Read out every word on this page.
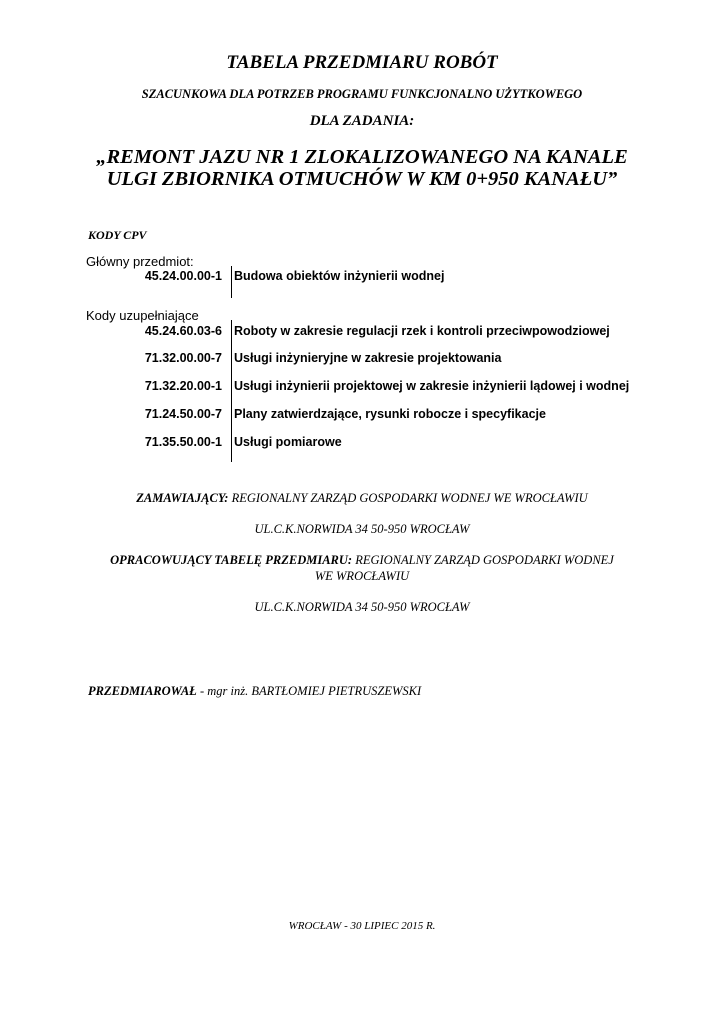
TABELA PRZEDMIARU ROBÓT
SZACUNKOWA DLA POTRZEB PROGRAMU FUNKCJONALNO UŻYTKOWEGO
DLA ZADANIA:
„REMONT JAZU NR 1 ZLOKALIZOWANEGO NA KANALE
ULGI ZBIORNIKA OTMUCHÓW W KM 0+950 KANAŁU”
KODY CPV
Główny przedmiot:
45.24.00.00-1 Budowa obiektów inżynierii wodnej
Kody uzupełniające
45.24.60.03-6 Roboty w zakresie regulacji rzek i kontroli przeciwpowodziowej
71.32.00.00-7 Usługi inżynieryjne w zakresie projektowania
71.32.20.00-1 Usługi inżynierii projektowej w zakresie inżynierii lądowej i wodnej
71.24.50.00-7 Plany zatwierdzające, rysunki robocze i specyfikacje
71.35.50.00-1 Usługi pomiarowe
ZAMAWIAJĄCY: REGIONALNY ZARZĄD GOSPODARKI WODNEJ WE WROCŁAWIU
UL.C.K.NORWIDA 34 50-950 WROCŁAW
OPRACOWUJĄCY TABELĘ PRZEDMIARU: REGIONALNY ZARZĄD GOSPODARKI WODNEJ
WE WROCŁAWIU
UL.C.K.NORWIDA 34 50-950 WROCŁAW
PRZEDMIAROWAŁ - mgr inż. BARTŁOMIEJ PIETRUSZEWSKI
WROCŁAW - 30 LIPIEC 2015 R.
